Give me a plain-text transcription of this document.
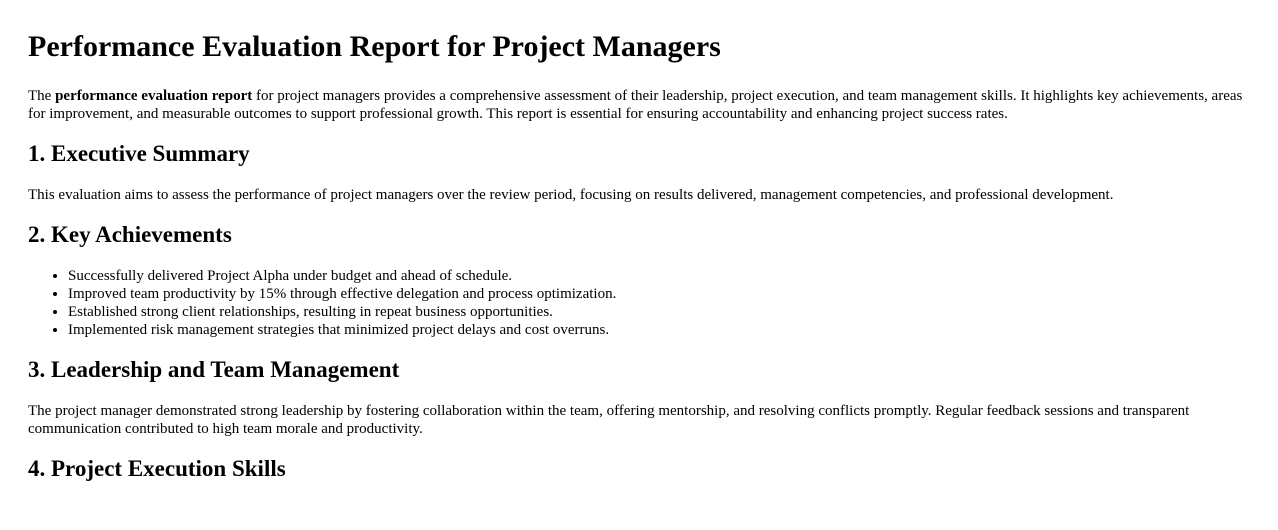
Performance Evaluation Report for Project Managers

The performance evaluation report for project managers provides a comprehensive assessment of their leadership, project execution, and team management skills. It highlights key achievements, areas for improvement, and measurable outcomes to support professional growth. This report is essential for ensuring accountability and enhancing project success rates.

1. Executive Summary

This evaluation aims to assess the performance of project managers over the review period, focusing on results delivered, management competencies, and professional development.

2. Key Achievements
• Successfully delivered Project Alpha under budget and ahead of schedule.
• Improved team productivity by 15% through effective delegation and process optimization.
• Established strong client relationships, resulting in repeat business opportunities.
• Implemented risk management strategies that minimized project delays and cost overruns.
3. Leadership and Team Management

The project manager demonstrated strong leadership by fostering collaboration within the team, offering mentorship, and resolving conflicts promptly. Regular feedback sessions and transparent communication contributed to high team morale and productivity.

4. Project Execution Skills
